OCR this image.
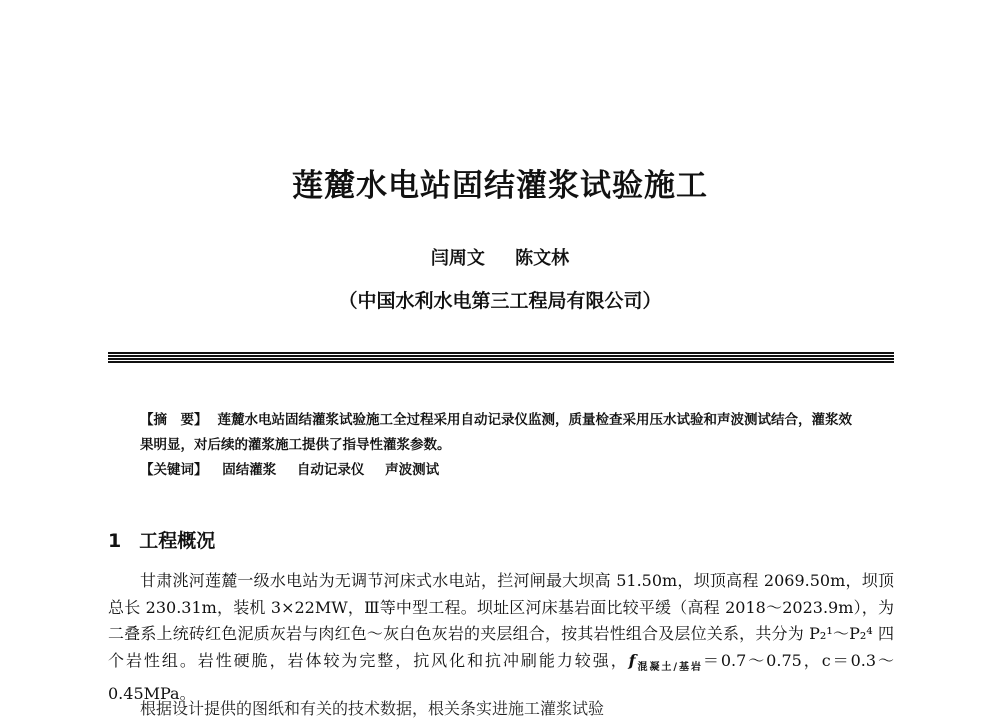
莲麓水电站固结灌浆试验施工
闫周文 陈文林
（中国水利水电第三工程局有限公司）
【摘　要】 莲麓水电站固结灌浆试验施工全过程采用自动记录仪监测，质量检查采用压水试验和声波测试结合，灌浆效果明显，对后续的灌浆施工提供了指导性灌浆参数。
【关键词】 固结灌浆 自动记录仪 声波测试
1 工程概况

甘肃洮河莲麓一级水电站为无调节河床式水电站，拦河闸最大坝高 51.50m，坝顶高程 2069.50m，坝顶总长 230.31m，装机 3×22MW，Ⅲ等中型工程。坝址区河床基岩面比较平缓（高程 2018～2023.9m），为二叠系上统砖红色泥质灰岩与肉红色～灰白色灰岩的夹层组合，按其岩性组合及层位关系，共分为 P₂¹～P₂⁴ 四个岩性组。岩性硬脆，岩体较为完整，抗风化和抗冲刷能力较强，$f_{混凝土/基岩}=0.7\sim 0.75$，c＝0.3～0.45MPa。

根据设计提供的图纸和有关的技术数据，根关条实进施工灌浆试验
